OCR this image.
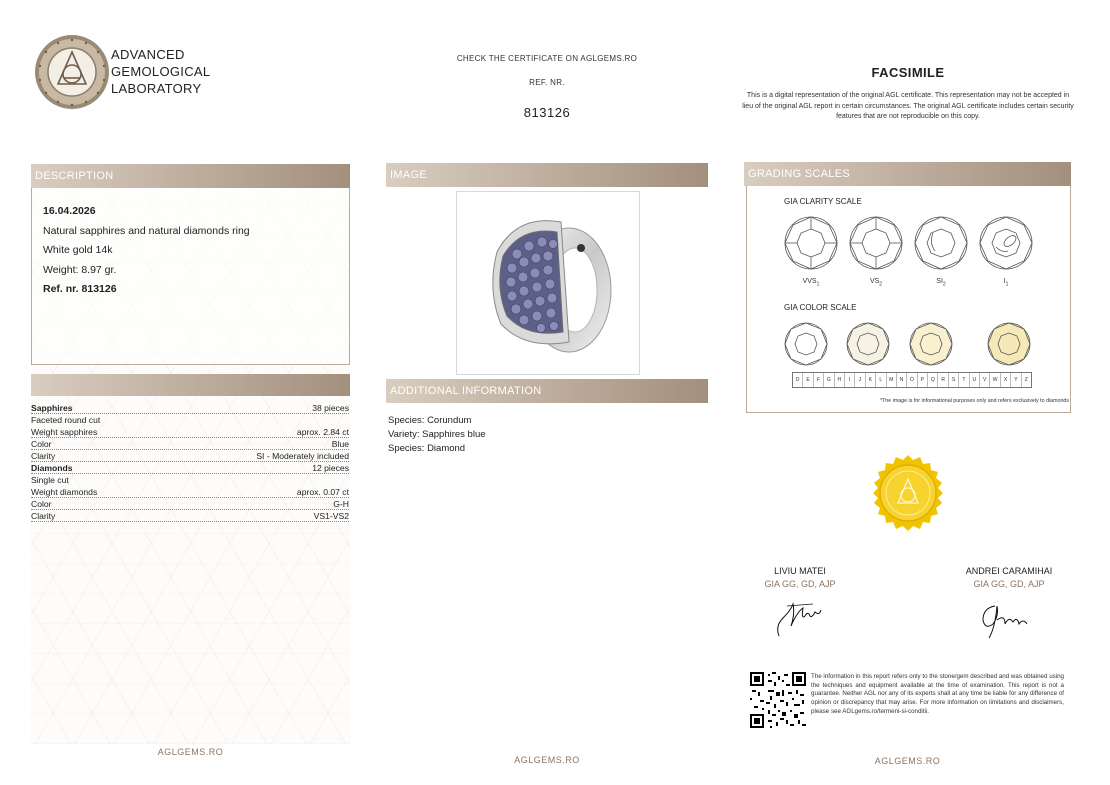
ADVANCED
GEMOLOGICAL
LABORATORY
CHECK THE CERTIFICATE ON AGLGEMS.RO
REF. NR.
813126
FACSIMILE
This is a digital representation of the original AGL certificate. This representation may not be accepted in lieu of the original AGL report in certain circumstances. The original AGL certificate includes certain security features that are not reproducible on this copy.
DESCRIPTION
16.04.2026
Natural sapphires and natural diamonds ring
White gold 14k
Weight: 8.97 gr.
Ref. nr. 813126
Sapphires	38 pieces
Faceted round cut
Weight sapphires	aprox. 2.84 ct
Color	Blue
Clarity	SI - Moderately included
Diamonds	12 pieces
Single cut
Weight diamonds	aprox. 0.07 ct
Color	G-H
Clarity	VS1-VS2
AGLGEMS.RO
IMAGE
ADDITIONAL INFORMATION
Species: Corundum
Variety: Sapphires blue
Species: Diamond
AGLGEMS.RO
GRADING SCALES
GIA CLARITY SCALE
$VVS_1$	$VS_2$	$SI_2$	$I_1$
GIA COLOR SCALE
D	E	F	G	H	I	J	K	L	M	N	O	P	Q	R	S	T	U	V	W	X	Y	Z
*The image is for informational purposes only and refers exclusively to diamonds
LIVIU MATEI
GIA GG, GD, AJP
ANDREI CARAMIHAI
GIA GG, GD, AJP
The information in this report refers only to the stone/gem described and was obtained using the techniques and equipment available at the time of examination. This report is not a guarantee. Neither AGL nor any of its experts shall at any time be liable for any difference of opinion or discrepancy that may arise. For more information on limitations and disclaimers, please see AGLgems.ro/termeni-si-conditii.
AGLGEMS.RO
